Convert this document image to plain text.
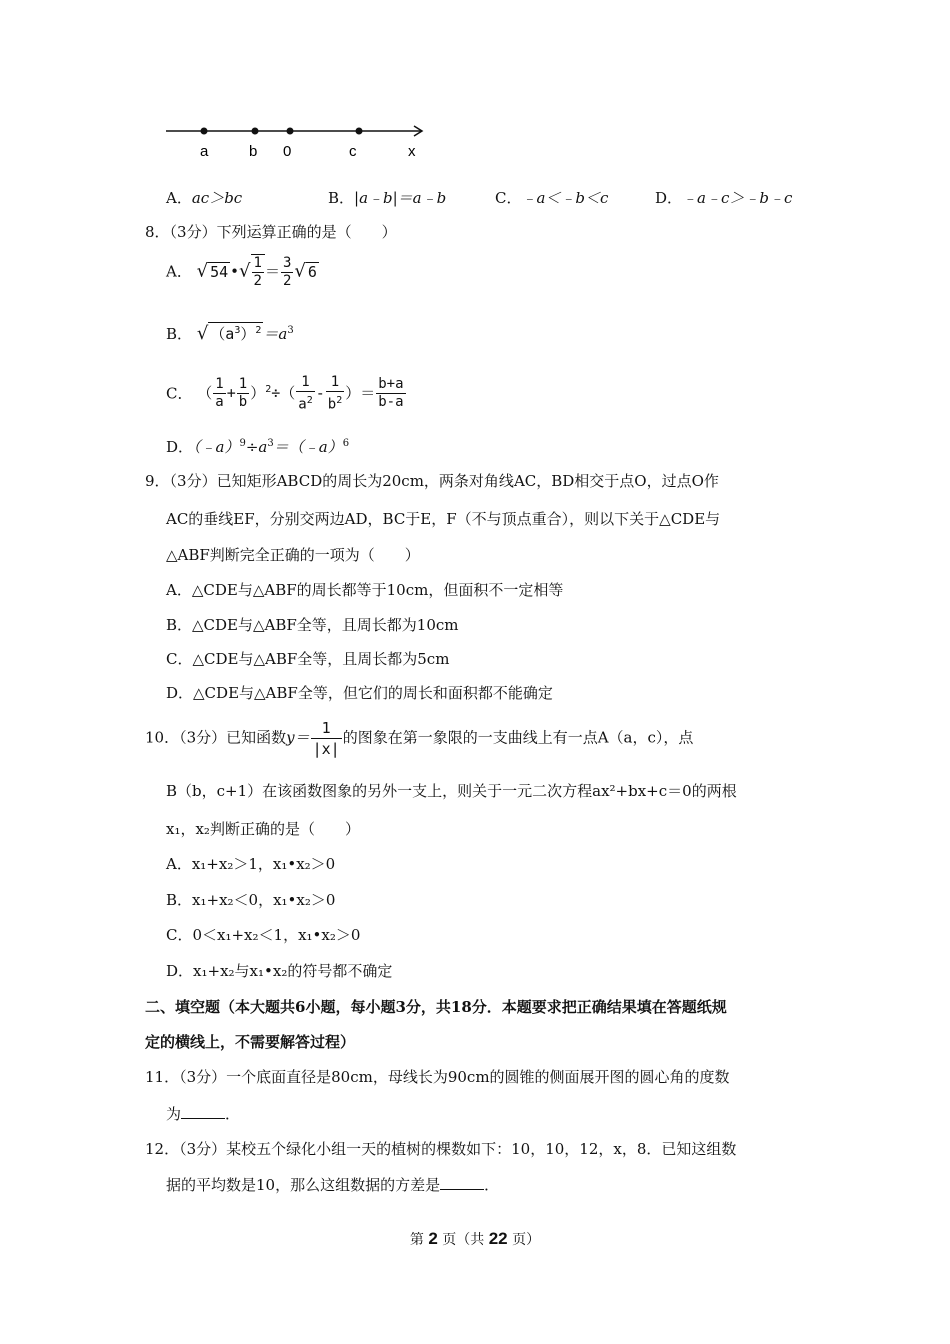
a	b 0	c	x
A．ac＞bc	B．|a﹣b|＝a﹣b	C．﹣a＜﹣b＜c	D．﹣a﹣c＞﹣b﹣c
8．（3分）下列运算正确的是（　　）
A． √ 54 •√ $\frac{1}{2} = \frac{3}{2}$ √ 6
B． √ $(a^3)^2 =a^3$
C． （ $\frac{1}{a} + \frac{1}{b} )^2\div( \frac{1}{a^2} - \frac{1}{b^2}$ ）＝ $\frac{b+a}{b-a}$
D．$(﹣a)^9\div a^3=(﹣a)^6$
9．（3分）已知矩形ABCD的周长为20cm，两条对角线AC，BD相交于点O，过点O作
AC的垂线EF，分别交两边AD，BC于E，F（不与顶点重合），则以下关于△CDE与
△ABF判断完全正确的一项为（　　）
A．△CDE与△ABF的周长都等于10cm，但面积不一定相等
B．△CDE与△ABF全等，且周长都为10cm
C．△CDE与△ABF全等，且周长都为5cm
D．△CDE与△ABF全等，但它们的周长和面积都不能确定
10．（3分）已知函数$y= \frac{1}{|x|}$ 的图象在第一象限的一支曲线上有一点A（a，c），点
B（b，c+1）在该函数图象的另外一支上，则关于一元二次方程ax²+bx+c＝0的两根
x₁，x₂判断正确的是（　　）
A．x₁+x₂＞1，x₁•x₂＞0
B．x₁+x₂＜0，x₁•x₂＞0
C．0＜x₁+x₂＜1，x₁•x₂＞0
D．x₁+x₂与x₁•x₂的符号都不确定
二、填空题（本大题共6小题，每小题3分，共18分．本题要求把正确结果填在答题纸规
定的横线上，不需要解答过程）
11．（3分）一个底面直径是80cm，母线长为90cm的圆锥的侧面展开图的圆心角的度数
为	．
12．（3分）某校五个绿化小组一天的植树的棵数如下：10，10，12，x，8．已知这组数
据的平均数是10，那么这组数据的方差是	．
第 2 页（共 22 页）
